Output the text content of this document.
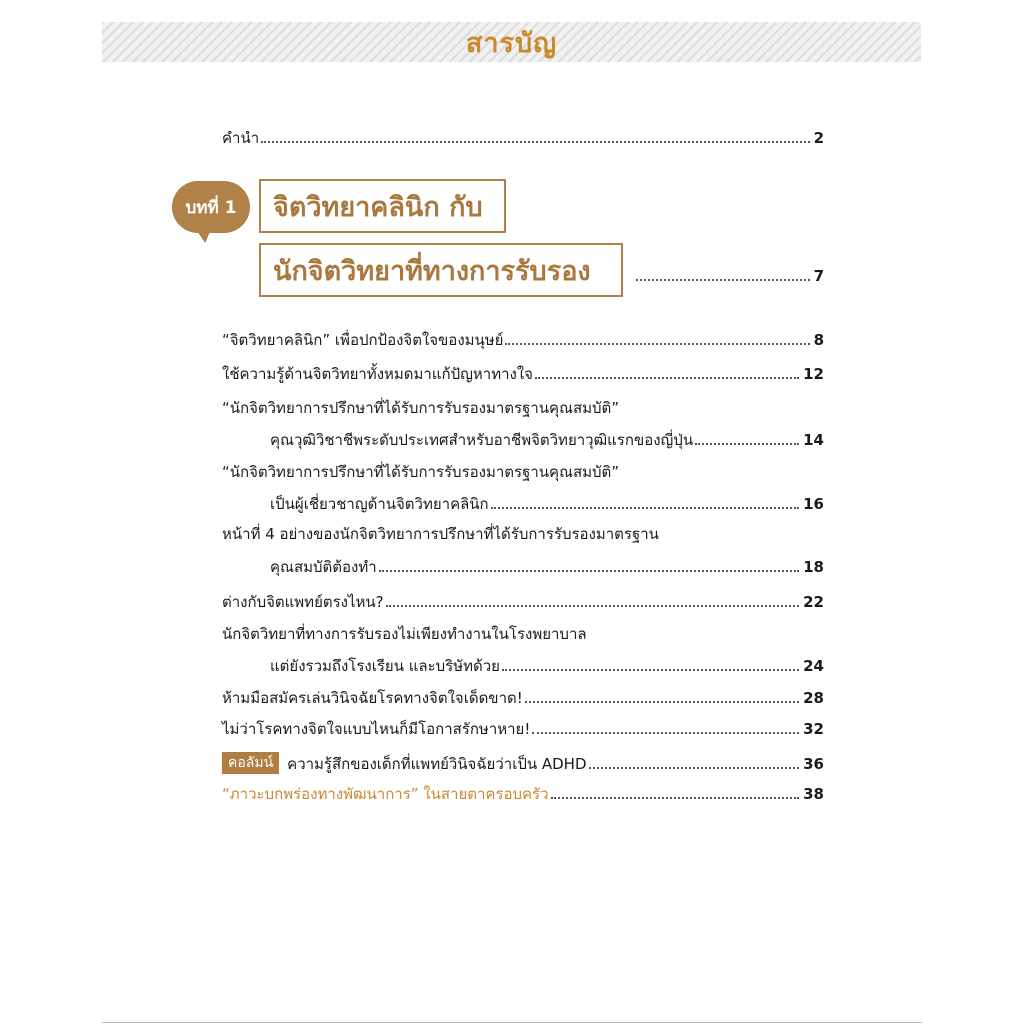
สารบัญ
คำนำ	2
บทที่ 1 จิตวิทยาคลินิก กับ
นักจิตวิทยาที่ทางการรับรอง	7
“จิตวิทยาคลินิก” เพื่อปกป้องจิตใจของมนุษย์	8
ใช้ความรู้ด้านจิตวิทยาทั้งหมดมาแก้ปัญหาทางใจ	12
“นักจิตวิทยาการปรึกษาที่ได้รับการรับรองมาตรฐานคุณสมบัติ”
คุณวุฒิวิชาชีพระดับประเทศสำหรับอาชีพจิตวิทยาวุฒิแรกของญี่ปุ่น	14
“นักจิตวิทยาการปรึกษาที่ได้รับการรับรองมาตรฐานคุณสมบัติ”
เป็นผู้เชี่ยวชาญด้านจิตวิทยาคลินิก	16
หน้าที่ 4 อย่างของนักจิตวิทยาการปรึกษาที่ได้รับการรับรองมาตรฐาน
คุณสมบัติต้องทำ	18
ต่างกับจิตแพทย์ตรงไหน?	22
นักจิตวิทยาที่ทางการรับรองไม่เพียงทำงานในโรงพยาบาล
แต่ยังรวมถึงโรงเรียน และบริษัทด้วย	24
ห้ามมือสมัครเล่นวินิจฉัยโรคทางจิตใจเด็ดขาด!	28
ไม่ว่าโรคทางจิตใจแบบไหนก็มีโอกาสรักษาหาย!	32
คอลัมน์ ความรู้สึกของเด็กที่แพทย์วินิจฉัยว่าเป็น ADHD	36
“ภาวะบกพร่องทางพัฒนาการ” ในสายตาครอบครัว	38
